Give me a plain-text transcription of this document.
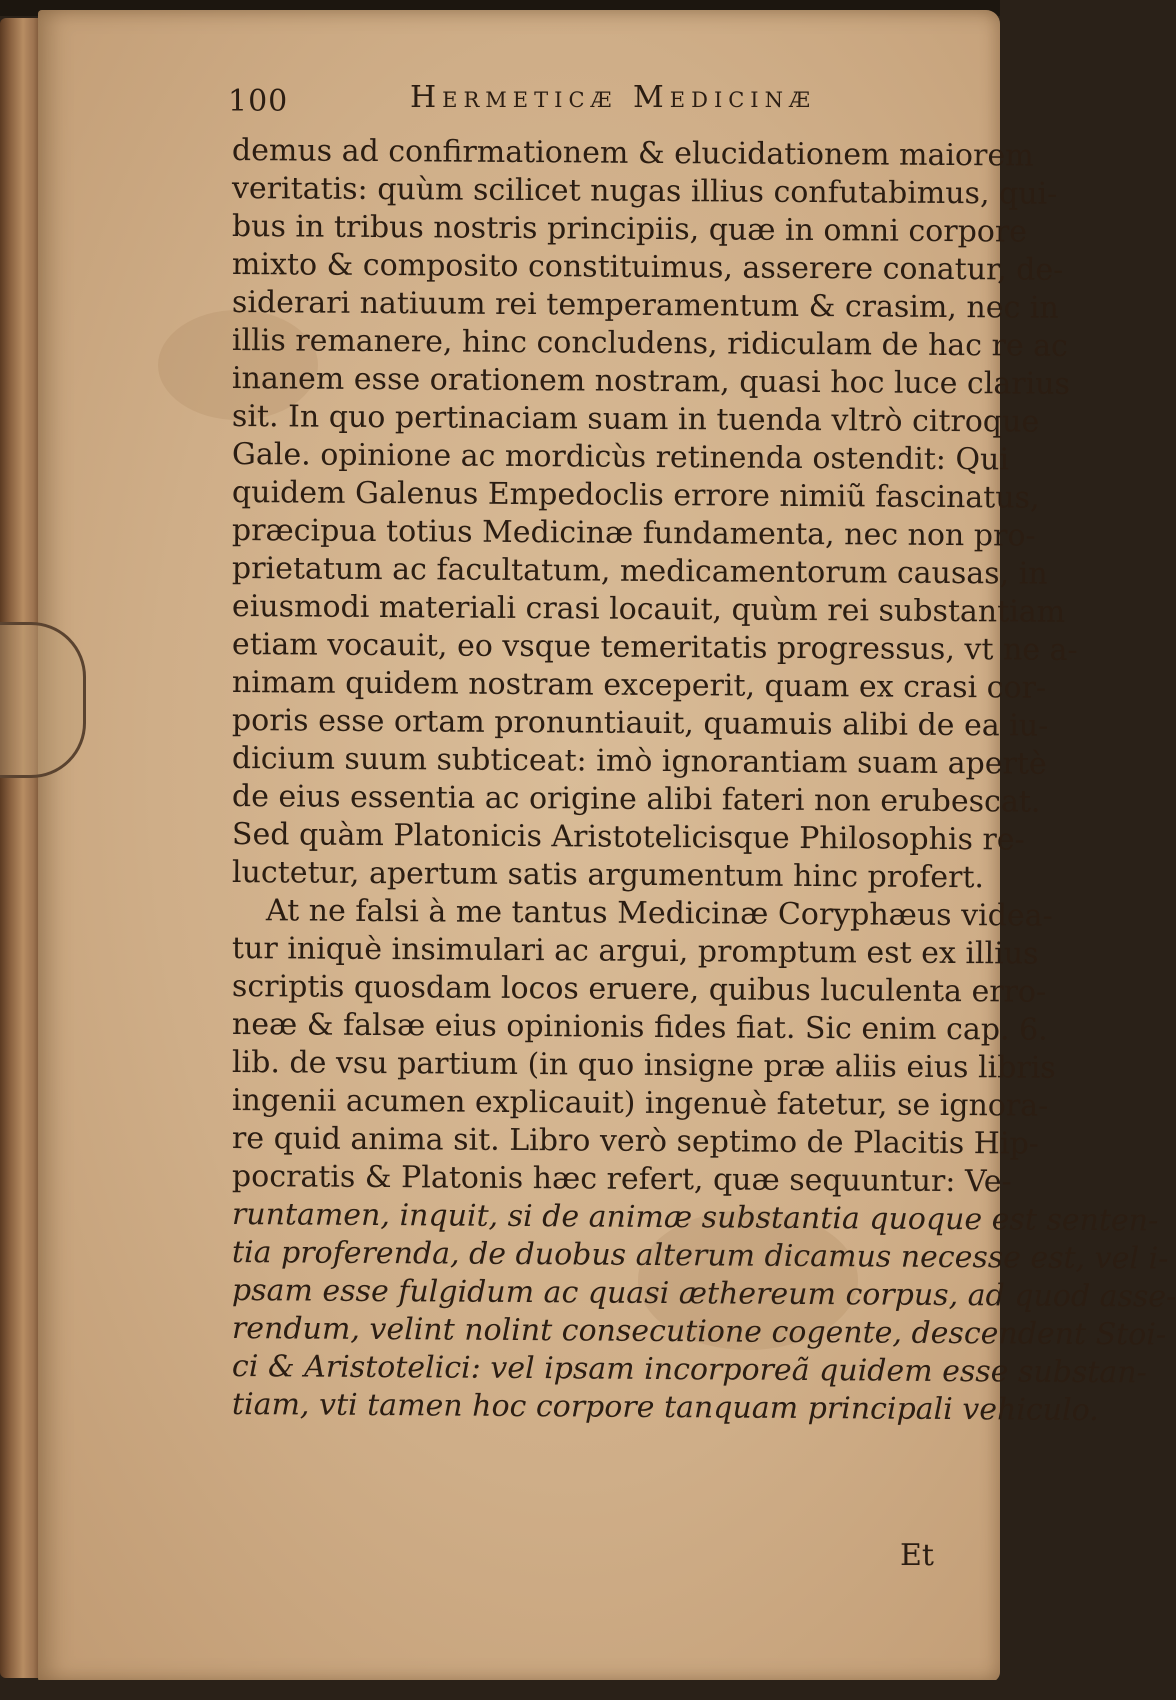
100	Hermeticæ Medicinæ
demus ad confirmationem & elucidationem maiorem
veritatis: quùm scilicet nugas illius confutabimus, qui-
bus in tribus nostris principiis, quæ in omni corpore
mixto & composito constituimus, asserere conatur, de-
siderari natiuum rei temperamentum & crasim, nec in
illis remanere, hinc concludens, ridiculam de hac re ac
inanem esse orationem nostram, quasi hoc luce clarius
sit. In quo pertinaciam suam in tuenda vltrò citroque
Gale. opinione ac mordicùs retinenda ostendit: Qui
quidem Galenus Empedoclis errore nimiũ fascinatus,
præcipua totius Medicinæ fundamenta, nec non pro-
prietatum ac facultatum, medicamentorum causas, in
eiusmodi materiali crasi locauit, quùm rei substantiam
etiam vocauit, eo vsque temeritatis progressus, vt ne a-
nimam quidem nostram exceperit, quam ex crasi cor-
poris esse ortam pronuntiauit, quamuis alibi de ea iu-
dicium suum subticeat: imò ignorantiam suam apertè
de eius essentia ac origine alibi fateri non erubescat.
Sed quàm Platonicis Aristotelicisque Philosophis re-
luctetur, apertum satis argumentum hinc profert.
At ne falsi à me tantus Medicinæ Coryphæus videa-
tur iniquè insimulari ac argui, promptum est ex illius
scriptis quosdam locos eruere, quibus luculenta erro-
neæ & falsæ eius opinionis fides fiat. Sic enim cap. 6.
lib. de vsu partium (in quo insigne præ aliis eius libris
ingenii acumen explicauit) ingenuè fatetur, se ignora-
re quid anima sit. Libro verò septimo de Placitis Hip-
pocratis & Platonis hæc refert, quæ sequuntur: Ve-
runtamen, inquit, si de animæ substantia quoque est senten-
tia proferenda, de duobus alterum dicamus necesse est, vel i-
psam esse fulgidum ac quasi æthereum corpus, ad quod asse-
rendum, velint nolint consecutione cogente, descendent Stoi-
ci & Aristotelici: vel ipsam incorporeã quidem esse substan-
tiam, vti tamen hoc corpore tanquam principali vehiculo.
Et
